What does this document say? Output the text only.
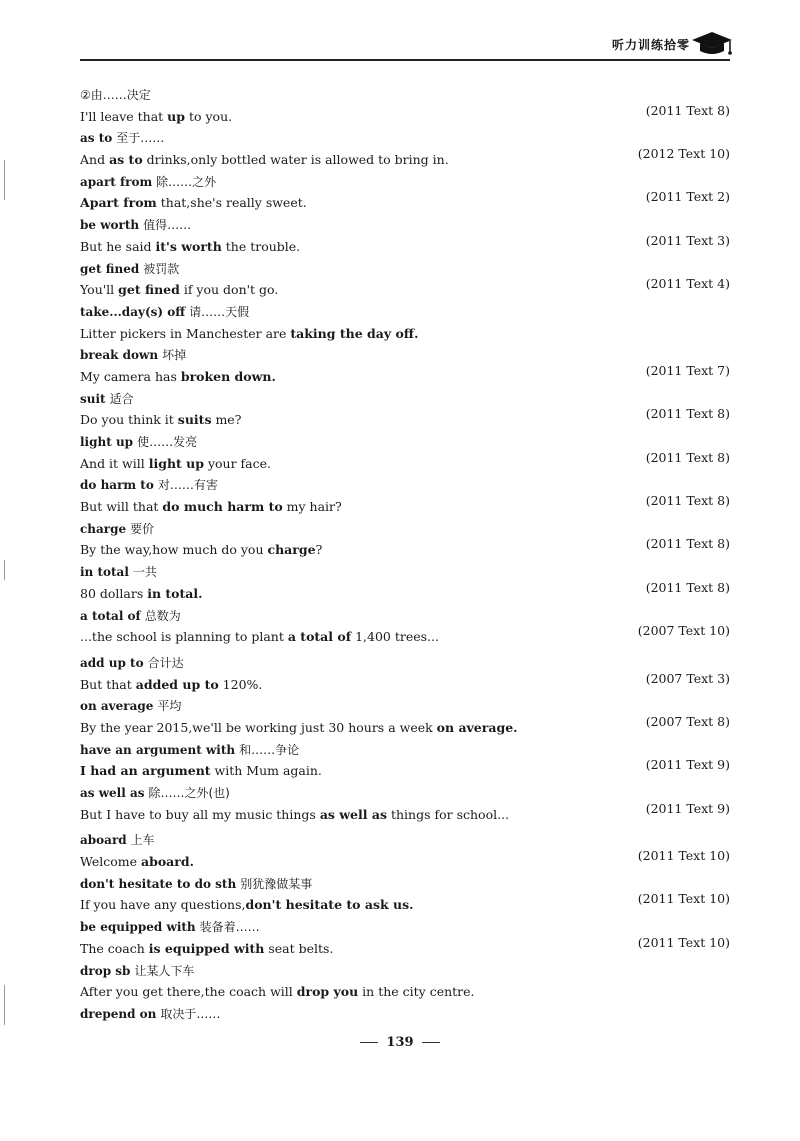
听力训练拾零
②由……决定
I'll leave that up to you.	(2011 Text 8)
as to 至于……
And as to drinks,only bottled water is allowed to bring in.	(2012 Text 10)
apart from 除……之外
Apart from that,she's really sweet.	(2011 Text 2)
be worth 值得……
But he said it's worth the trouble.	(2011 Text 3)
get fined 被罚款
You'll get fined if you don't go.	(2011 Text 4)
take...day(s) off 请……天假
Litter pickers in Manchester are taking the day off.
break down 坏掉
My camera has broken down.	(2011 Text 7)
suit 适合
Do you think it suits me?	(2011 Text 8)
light up 使……发亮
And it will light up your face.	(2011 Text 8)
do harm to 对……有害
But will that do much harm to my hair?	(2011 Text 8)
charge 要价
By the way,how much do you charge?	(2011 Text 8)
in total 一共
80 dollars in total.	(2011 Text 8)
a total of 总数为
...the school is planning to plant a total of 1,400 trees...	(2007 Text 10)
add up to 合计达
But that added up to 120%.	(2007 Text 3)
on average 平均
By the year 2015,we'll be working just 30 hours a week on average.	(2007 Text 8)
have an argument with 和……争论
I had an argument with Mum again.	(2011 Text 9)
as well as 除……之外(也)
But I have to buy all my music things as well as things for school...	(2011 Text 9)
aboard 上车
Welcome aboard.	(2011 Text 10)
don't hesitate to do sth 别犹豫做某事
If you have any questions,don't hesitate to ask us.	(2011 Text 10)
be equipped with 装备着……
The coach is equipped with seat belts.	(2011 Text 10)
drop sb 让某人下车
After you get there,the coach will drop you in the city centre.
drepend on 取决于……
139
